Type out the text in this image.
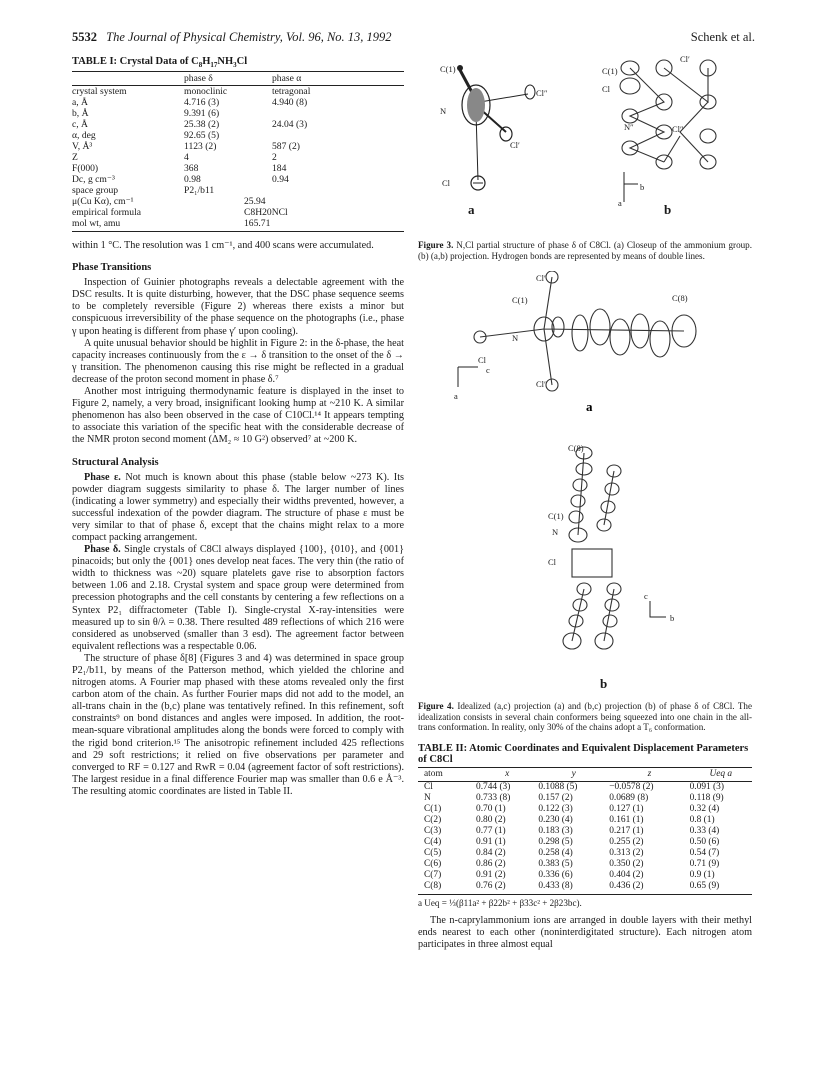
5532 The Journal of Physical Chemistry, Vol. 96, No. 13, 1992	Schenk et al.
TABLE I: Crystal Data of $C_8H_{17}NH_3Cl$
	phase δ	phase α

crystal system	monoclinic	tetragonal
a, Å	4.716 (3)	4.940 (8)
b, Å	9.391 (6)	
c, Å	25.38 (2)	24.04 (3)
α, deg	92.65 (5)	
V, Å³	1123 (2)	587 (2)
Z	4	2
F(000)	368	184
Dc, g cm⁻³	0.98	0.94
space group	P2₁/b11	
μ(Cu Kα), cm⁻¹	25.94	
empirical formula	C8H20NCl	
mol wt, amu	165.71	

within 1 °C. The resolution was 1 cm⁻¹, and 400 scans were accumulated.

Phase Transitions

Inspection of Guinier photographs reveals a delectable agreement with the DSC results. It is quite disturbing, however, that the DSC phase sequence seems to be completely reversible (Figure 2) whereas there exists a minor but conspicuous irreversibility of the phase sequence on the photographs (i.e., phase γ upon heating is different from phase γ′ upon cooling).

A quite unusual behavior should be highlit in Figure 2: in the δ-phase, the heat capacity increases continuously from the ε → δ transition to the onset of the δ → γ transition. The phenomenon causing this rise might be reflected in a gradual decrease of the proton second moment in phase δ.⁷

Another most intriguing thermodynamic feature is displayed in the inset to Figure 2, namely, a very broad, insignificant looking hump at ~210 K. A similar phenomenon has also been observed in the case of C10Cl.¹⁴ It appears tempting to associate this variation of the specific heat with the considerable decrease of the NMR proton second moment (ΔM₂ ≈ 10 G²) observed⁷ at ~200 K.

Structural Analysis

Phase ε. Not much is known about this phase (stable below ~273 K). Its powder diagram suggests similarity to phase δ. The larger number of lines (indicating a lower symmetry) and especially their widths prevented, however, a successful indexation of the powder diagram. The structure of phase ε must be very similar to that of phase δ, except that the chains might relax to a more compact packing arrangement.

Phase δ. Single crystals of C8Cl always displayed {100}, {010}, and {001} pinacoids; but only the {001} ones develop neat faces. The very thin (the ratio of width to thickness was ~20) square platelets gave rise to absorption factors between 1.06 and 2.18. Crystal system and space group were determined from precession photographs and the cell constants by centering a few reflections on a Syntex P2₁ diffractometer (Table I). Single-crystal X-ray-intensities were measured up to sin θ/λ = 0.38. There resulted 489 reflections of which 216 were considered as unobserved (smaller than 3 esd). The agreement factor between equivalent reflections was a respectable 0.06.

The structure of phase δ[8] (Figures 3 and 4) was determined in space group P2₁/b11, by means of the Patterson method, which yielded the chlorine and nitrogen atoms. A Fourier map phased with these atoms revealed only the first carbon atom of the chain. As further Fourier maps did not add to the model, an all-trans chain in the (b,c) plane was tentatively refined. In this refinement, soft constraints⁹ on bond distances and angles were imposed. In addition, the root-mean-square vibrational amplitudes along the bonds were forced to comply with the rigid bond criterion.¹⁵ The anisotropic refinement included 425 reflections and 29 soft restrictions; it relied on five observations per parameter and converged to RF = 0.127 and RwR = 0.04 (agreement factor of soft restrictions). The largest residue in a final difference Fourier map was smaller than 0.6 e Å⁻³. The resulting atomic coordinates are listed in Table II.

C(1)
N
Cl″
Cl′
Cl
C(1)
Cl
Cl′
N″	Cl″
b
a
a	b

Figure 3. N,Cl partial structure of phase δ of C8Cl. (a) Closeup of the ammonium group. (b) (a,b) projection. Hydrogen bonds are represented by means of double lines.

Cl′
C(1)	C(8)
N
Cl
Cl″
c
a
a
C(8)
C(1)
N
Cl
c
b
b

Figure 4. Idealized (a,c) projection (a) and (b,c) projection (b) of phase δ of C8Cl. The idealization consists in several chain conformers being squeezed into one chain in the all-trans conformation. In reality, only 30% of the chains adopt a T₆ conformation.

TABLE II: Atomic Coordinates and Equivalent Displacement Parameters of C8Cl
atom	x	y	z	Ueq a

Cl	0.744 (3)	0.1088 (5)	−0.0578 (2)	0.091 (3)
N	0.733 (8)	0.157 (2)	0.0689 (8)	0.118 (9)
C(1)	0.70 (1)	0.122 (3)	0.127 (1)	0.32 (4)
C(2)	0.80 (2)	0.230 (4)	0.161 (1)	0.8 (1)
C(3)	0.77 (1)	0.183 (3)	0.217 (1)	0.33 (4)
C(4)	0.91 (1)	0.298 (5)	0.255 (2)	0.50 (6)
C(5)	0.84 (2)	0.258 (4)	0.313 (2)	0.54 (7)
C(6)	0.86 (2)	0.383 (5)	0.350 (2)	0.71 (9)
C(7)	0.91 (2)	0.336 (6)	0.404 (2)	0.9 (1)
C(8)	0.76 (2)	0.433 (8)	0.436 (2)	0.65 (9)

a Ueq = ⅓(β11a² + β22b² + β33c² + 2β23bc).

The n-caprylammonium ions are arranged in double layers with their methyl ends nearest to each other (noninterdigitated structure). Each nitrogen atom participates in three almost equal
